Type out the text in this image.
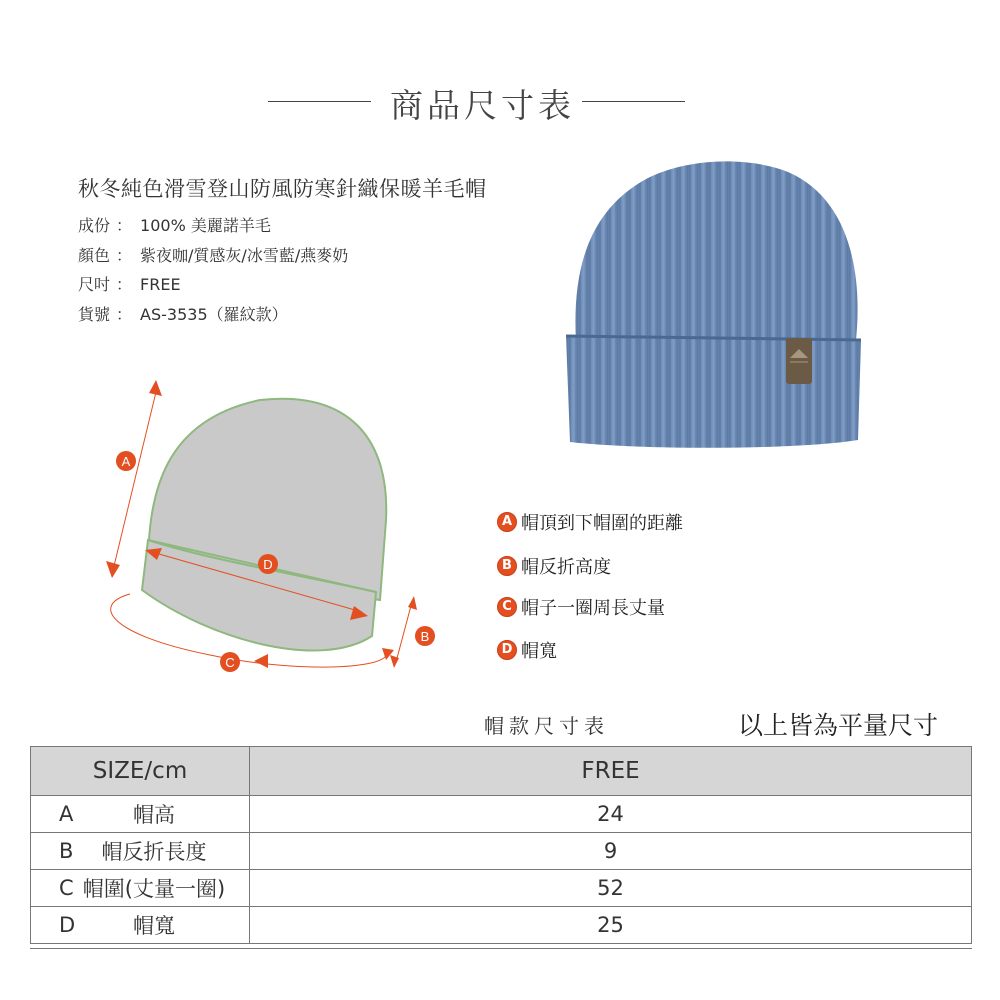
商品尺寸表
秋冬純色滑雪登山防風防寒針織保暖羊毛帽
成份 ： 100% 美麗諾羊毛
顏色 ： 紫夜咖/質感灰/冰雪藍/燕麥奶
尺吋 ： FREE
貨號 ： AS-3535（羅紋款）
A
D
B
C
A 帽頂到下帽圍的距離
B 帽反折高度
C 帽子一圈周長丈量
D 帽寬
帽款尺寸表	以上皆為平量尺寸
SIZE/cm	FREE

A 帽高	24

B 帽反折長度	9

C 帽圍(丈量一圈)	52

D 帽寬	25
